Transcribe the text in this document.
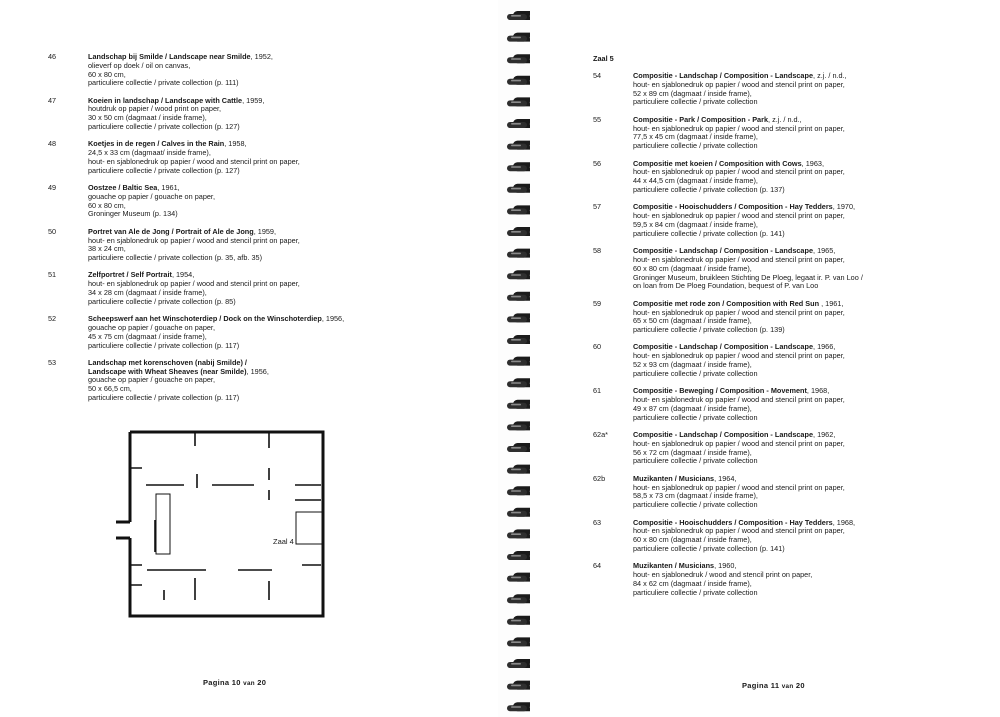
46	Landschap bij Smilde / Landscape near Smilde, 1952,
olieverf op doek / oil on canvas,
60 x 80 cm,
particuliere collectie / private collection (p. 111)
47	Koeien in landschap / Landscape with Cattle, 1959,
houtdruk op papier / wood print on paper,
30 x 50 cm (dagmaat / inside frame),
particuliere collectie / private collection (p. 127)
48	Koetjes in de regen / Calves in the Rain, 1958,
24,5 x 33 cm (dagmaat/ inside frame),
hout- en sjablonedruk op papier / wood and stencil print on paper,
particuliere collectie / private collection (p. 127)
49	Oostzee / Baltic Sea, 1961,
gouache op papier / gouache on paper,
60 x 80 cm,
Groninger Museum (p. 134)
50	Portret van Ale de Jong / Portrait of Ale de Jong, 1959,
hout- en sjablonedruk op papier / wood and stencil print on paper,
38 x 24 cm,
particuliere collectie / private collection (p. 35, afb. 35)
51	Zelfportret / Self Portrait, 1954,
hout- en sjablonedruk op papier / wood and stencil print on paper,
34 x 28 cm (dagmaat / inside frame),
particuliere collectie / private collection (p. 85)
52	Scheepswerf aan het Winschoterdiep / Dock on the Winschoterdiep, 1956,
gouache op papier / gouache on paper,
45 x 75 cm (dagmaat / inside frame),
particuliere collectie / private collection (p. 117)
53	Landschap met korenschoven (nabij Smilde) /
Landscape with Wheat Sheaves (near Smilde), 1956,
gouache op papier / gouache on paper,
50 x 66,5 cm,
particuliere collectie / private collection (p. 117)
Zaal 4
Pagina 10 van 20
Zaal 5
54	Compositie - Landschap / Composition - Landscape, z.j. / n.d.,
hout- en sjablonedruk op papier / wood and stencil print on paper,
52 x 89 cm (dagmaat / inside frame),
particuliere collectie / private collection
55	Compositie - Park / Composition - Park, z.j. / n.d.,
hout- en sjablonedruk op papier / wood and stencil print on paper,
77,5 x 45 cm (dagmaat / inside frame),
particuliere collectie / private collection
56	Compositie met koeien / Composition with Cows, 1963,
hout- en sjablonedruk op papier / wood and stencil print on paper,
44 x 44,5 cm (dagmaat / inside frame),
particuliere collectie / private collection (p. 137)
57	Compositie - Hooischudders / Composition - Hay Tedders, 1970,
hout- en sjablonedruk op papier / wood and stencil print on paper,
59,5 x 84 cm (dagmaat / inside frame),
particuliere collectie / private collection (p. 141)
58	Compositie - Landschap / Composition - Landscape, 1965,
hout- en sjablonedruk op papier / wood and stencil print on paper,
60 x 80 cm (dagmaat / inside frame),
Groninger Museum, bruikleen Stichting De Ploeg, legaat ir. P. van Loo /
on loan from De Ploeg Foundation, bequest of P. van Loo
59	Compositie met rode zon / Composition with Red Sun , 1961,
hout- en sjablonedruk op papier / wood and stencil print on paper,
65 x 50 cm (dagmaat / inside frame),
particuliere collectie / private collection (p. 139)
60	Compositie - Landschap / Composition - Landscape, 1966,
hout- en sjablonedruk op papier / wood and stencil print on paper,
52 x 93 cm (dagmaat / inside frame),
particuliere collectie / private collection
61	Compositie - Beweging / Composition - Movement, 1968,
hout- en sjablonedruk op papier / wood and stencil print on paper,
49 x 87 cm (dagmaat / inside frame),
particuliere collectie / private collection
62a*	Compositie - Landschap / Composition - Landscape, 1962,
hout- en sjablonedruk op papier / wood and stencil print on paper,
56 x 72 cm (dagmaat / inside frame),
particuliere collectie / private collection
62b	Muzikanten / Musicians, 1964,
hout- en sjablonedruk op papier / wood and stencil print on paper,
58,5 x 73 cm (dagmaat / inside frame),
particuliere collectie / private collection
63	Compositie - Hooischudders / Composition - Hay Tedders, 1968,
hout- en sjablonedruk op papier / wood and stencil print on paper,
60 x 80 cm (dagmaat / inside frame),
particuliere collectie / private collection (p. 141)
64	Muzikanten / Musicians, 1960,
hout- en sjablonedruk / wood and stencil print on paper,
84 x 62 cm (dagmaat / inside frame),
particuliere collectie / private collection
Pagina 11 van 20
